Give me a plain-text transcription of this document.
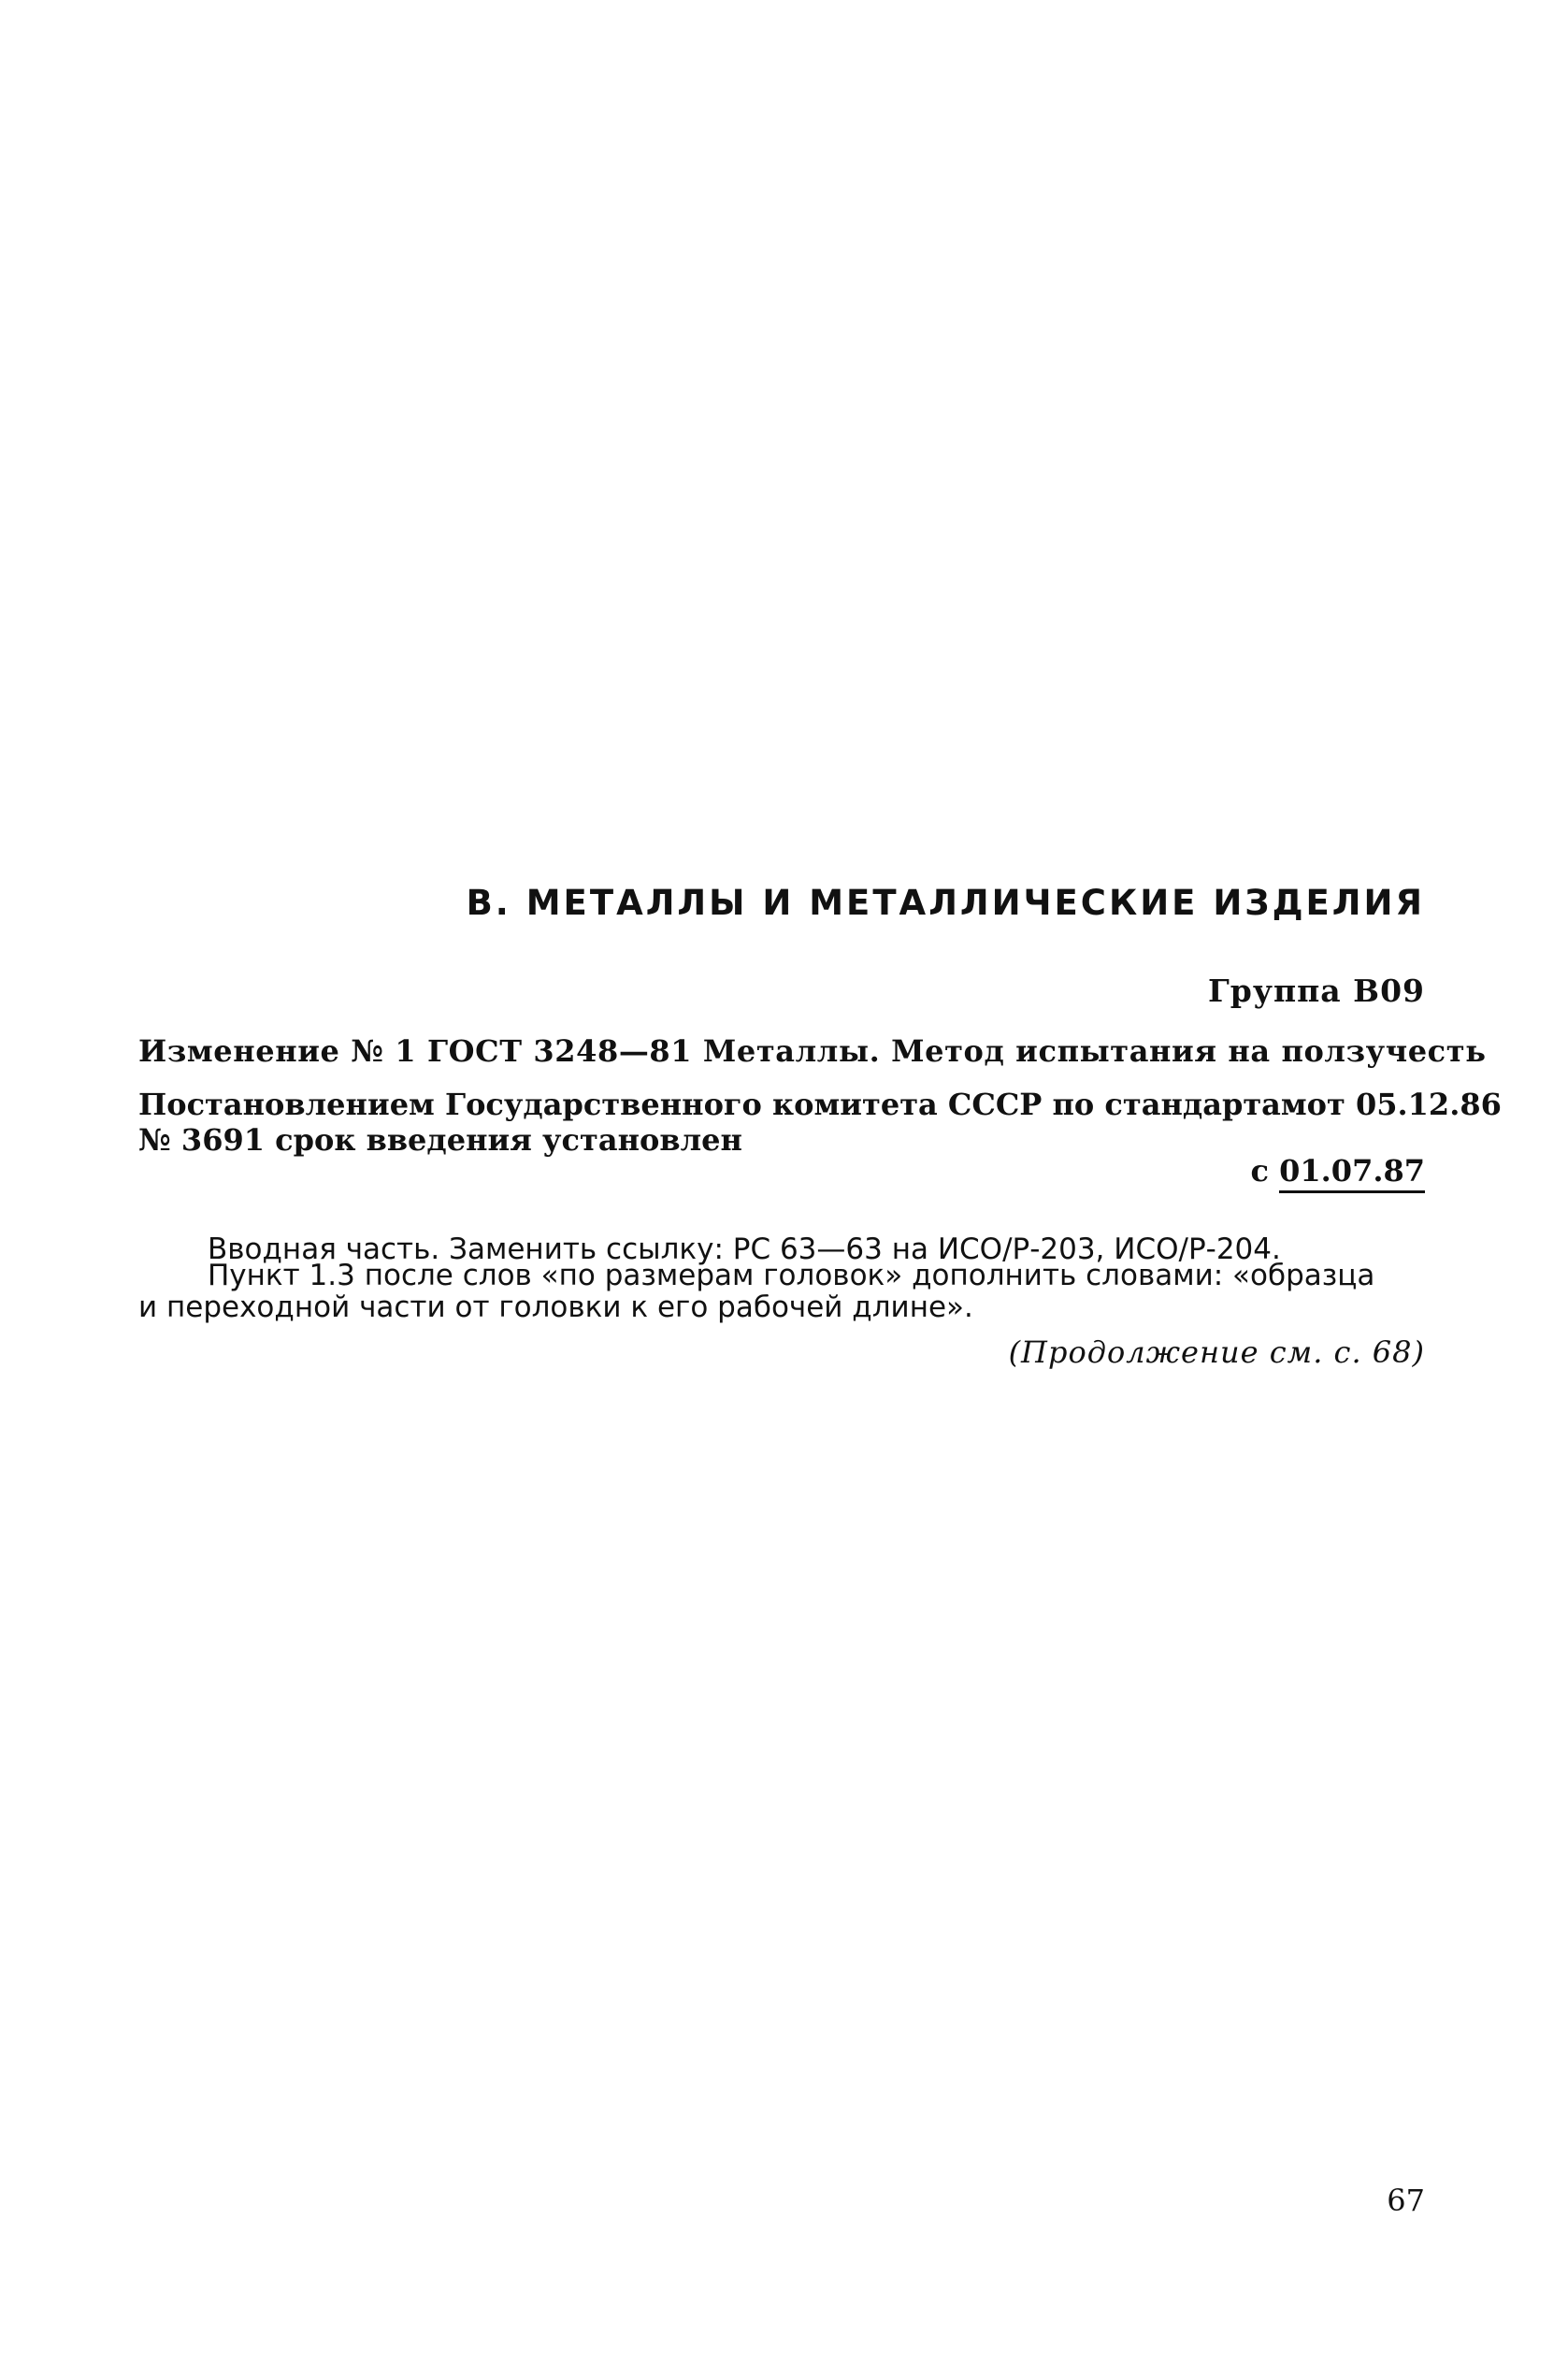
В. МЕТАЛЛЫ И МЕТАЛЛИЧЕСКИЕ ИЗДЕЛИЯ
Группа В09
Изменение № 1 ГОСТ 3248—81 Металлы. Метод испытания на ползучесть
Постановлением Государственного комитета СССР по стандартам от 05.12.86
№ 3691 срок введения установлен
с 01.07.87
Вводная часть. Заменить ссылку: РС 63—63 на ИСО/Р-203, ИСО/Р-204.
Пункт 1.3 после слов «по размерам головок» дополнить словами: «образца
и переходной части от головки к его рабочей длине».
(Продолжение см. с. 68)
67
